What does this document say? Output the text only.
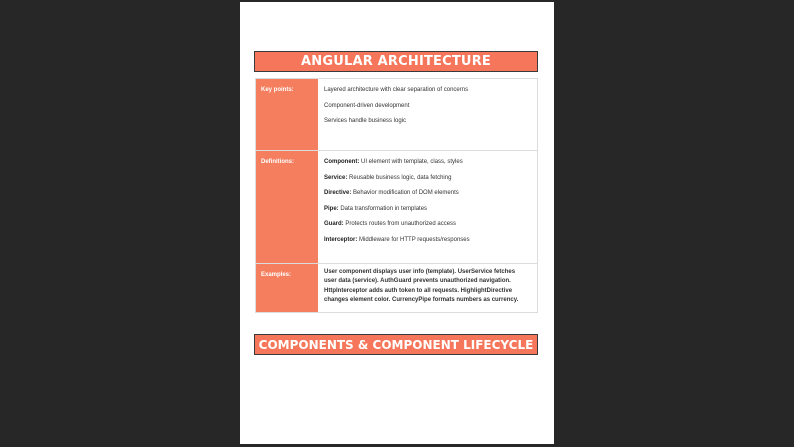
ANGULAR ARCHITECTURE
Key points:	Layered architecture with clear separation of concerns
Component-driven development
Services handle business logic
Definitions:	Component: UI element with template, class, styles
Service: Reusable business logic, data fetching
Directive: Behavior modification of DOM elements
Pipe: Data transformation in templates
Guard: Protects routes from unauthorized access
Interceptor: Middleware for HTTP requests/responses
Examples:	User component displays user info (template). UserService fetches
user data (service). AuthGuard prevents unauthorized navigation.
HttpInterceptor adds auth token to all requests. HighlightDirective
changes element color. CurrencyPipe formats numbers as currency.
COMPONENTS & COMPONENT LIFECYCLE
